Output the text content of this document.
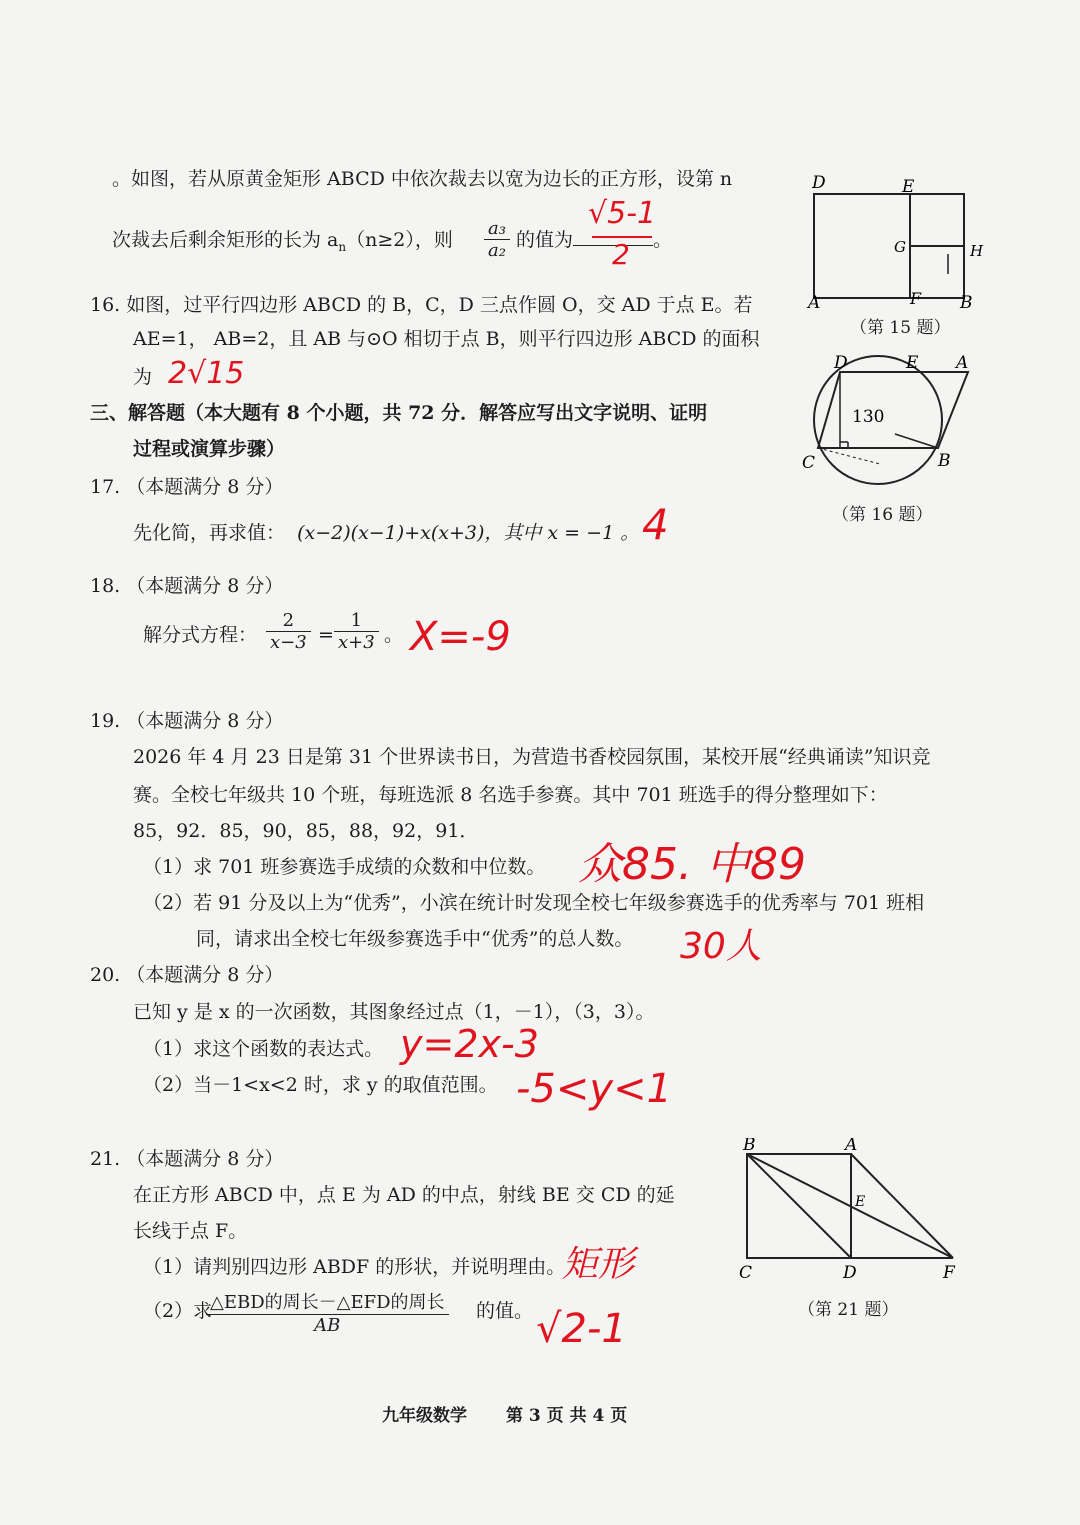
。如图，若从原黄金矩形 ABCD 中依次裁去以宽为边长的正方形，设第 n
次裁去后剩余矩形的长为 $a_n(n\ge 2)$，则 $\frac{\text{a₃}}{\text{a₂}}$ 的值为	。
√5-1
2
D	E
G	H
A	F B
（第 15 题）
16. 如图，过平行四边形 ABCD 的 B，C，D 三点作圆 O，交 AD 于点 E。若
AE=1， AB=2，且 AB 与⊙O 相切于点 B，则平行四边形 ABCD 的面积
为 2√15	D	E A
C	B
130
（第 16 题）
三、解答题（本大题有 8 个小题，共 72 分．解答应写出文字说明、证明
过程或演算步骤）
17. （本题满分 8 分）
先化简，再求值： (x−2)(x−1)+x(x+3)，其中 x = −1 。 4
18. （本题满分 8 分）
解分式方程： $\frac{2}{x-3} = \frac{1}{x+3}$ 。 X=-9
19. （本题满分 8 分）
2026 年 4 月 23 日是第 31 个世界读书日，为营造书香校园氛围，某校开展“经典诵读”知识竞
赛。全校七年级共 10 个班，每班选派 8 名选手参赛。其中 701 班选手的得分整理如下：
85，92．85，90，85，88，92，91．
（1）求 701 班参赛选手成绩的众数和中位数。
（2）若 91 分及以上为“优秀”，小滨在统计时发现全校七年级参赛选手的优秀率与 701 班相
同，请求出全校七年级参赛选手中“优秀”的总人数。
众85. 中89
30人
20. （本题满分 8 分）
已知 y 是 x 的一次函数，其图象经过点（1，－1），（3，3）。
（1）求这个函数的表达式。
（2）当－1<x<2 时，求 y 的取值范围。
y=2x-3
-5<y<1
21. （本题满分 8 分）
在正方形 ABCD 中，点 E 为 AD 的中点，射线 BE 交 CD 的延
长线于点 F。
（1）请判别四边形 ABDF 的形状，并说明理由。
（2）求
△EBD的周长－△EFD的周长
AB
的值。
矩形
√2-1
B	A
E
C	D	F
（第 21 题）
九年级数学 第 3 页 共 4 页
